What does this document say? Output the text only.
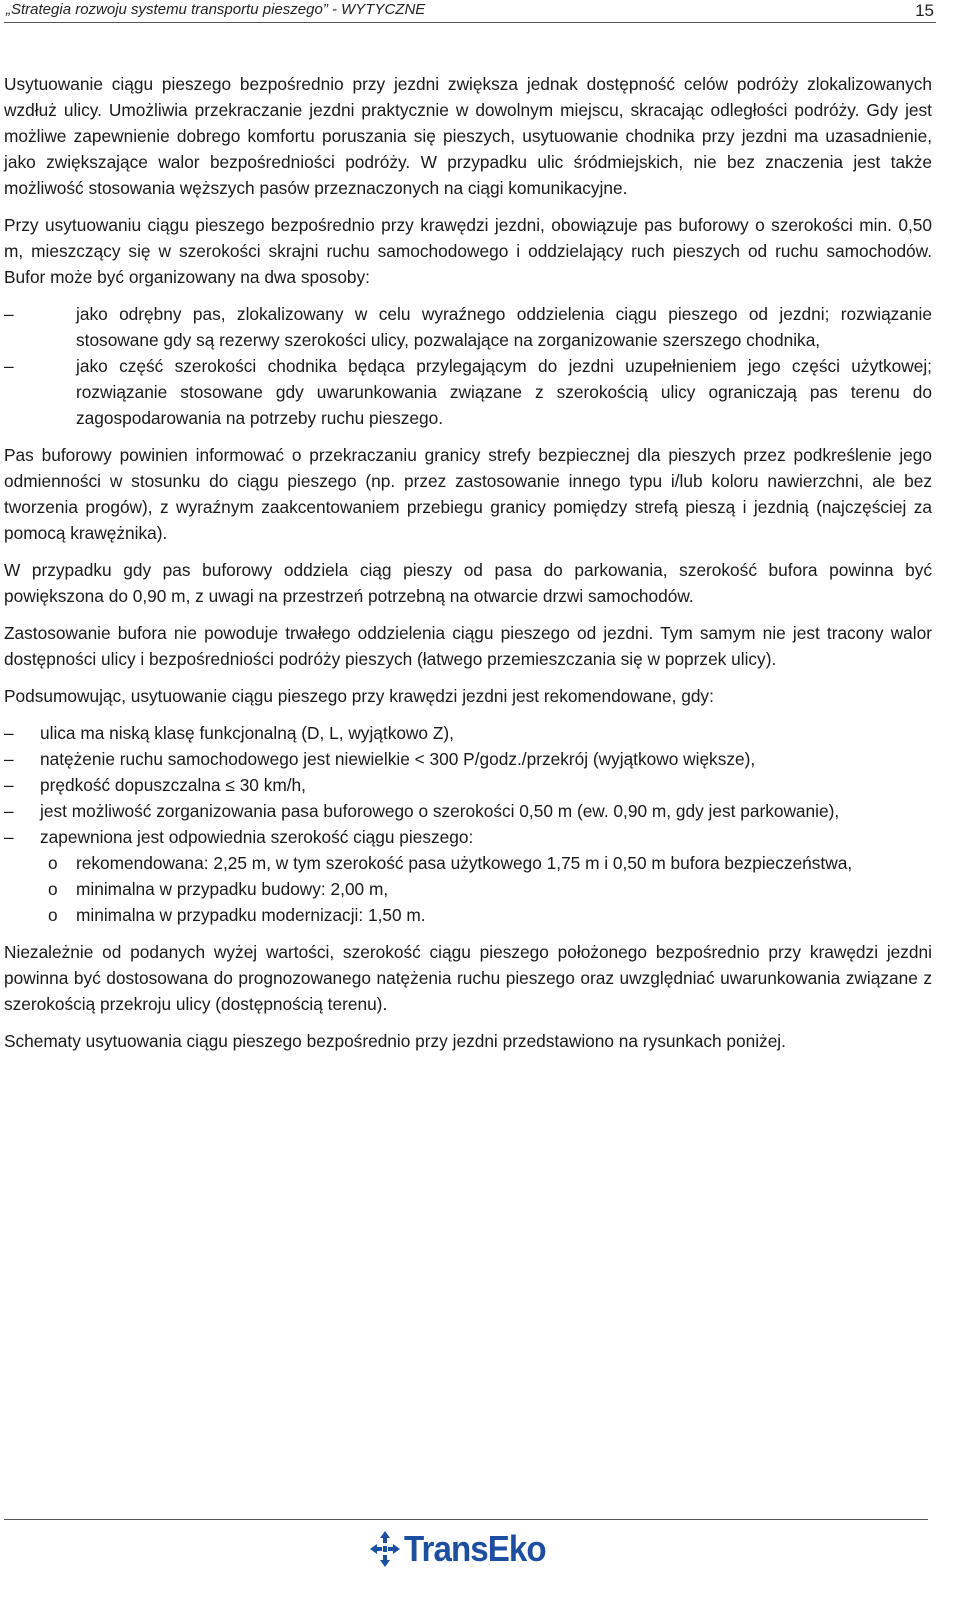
„Strategia rozwoju systemu transportu pieszego” - WYTYCZNE	15

Usytuowanie ciągu pieszego bezpośrednio przy jezdni zwiększa jednak dostępność celów podróży zlokalizowanych wzdłuż ulicy. Umożliwia przekraczanie jezdni praktycznie w dowolnym miejscu, skracając odległości podróży. Gdy jest możliwe zapewnienie dobrego komfortu poruszania się pieszych, usytuowanie chodnika przy jezdni ma uzasadnienie, jako zwiększające walor bezpośredniości podróży. W przypadku ulic śródmiejskich, nie bez znaczenia jest także możliwość stosowania węższych pasów przeznaczonych na ciągi komunikacyjne.

Przy usytuowaniu ciągu pieszego bezpośrednio przy krawędzi jezdni, obowiązuje pas buforowy o szerokości min. 0,50 m, mieszczący się w szerokości skrajni ruchu samochodowego i oddzielający ruch pieszych od ruchu samochodów. Bufor może być organizowany na dwa sposoby:

–	jako odrębny pas, zlokalizowany w celu wyraźnego oddzielenia ciągu pieszego od jezdni; rozwiązanie stosowane gdy są rezerwy szerokości ulicy, pozwalające na zorganizowanie szerszego chodnika,
–	jako część szerokości chodnika będąca przylegającym do jezdni uzupełnieniem jego części użytkowej; rozwiązanie stosowane gdy uwarunkowania związane z szerokością ulicy ograniczają pas terenu do zagospodarowania na potrzeby ruchu pieszego.

Pas buforowy powinien informować o przekraczaniu granicy strefy bezpiecznej dla pieszych przez podkreślenie jego odmienności w stosunku do ciągu pieszego (np. przez zastosowanie innego typu i/lub koloru nawierzchni, ale bez tworzenia progów), z wyraźnym zaakcentowaniem przebiegu granicy pomiędzy strefą pieszą i jezdnią (najczęściej za pomocą krawężnika).

W przypadku gdy pas buforowy oddziela ciąg pieszy od pasa do parkowania, szerokość bufora powinna być powiększona do 0,90 m, z uwagi na przestrzeń potrzebną na otwarcie drzwi samochodów.

Zastosowanie bufora nie powoduje trwałego oddzielenia ciągu pieszego od jezdni. Tym samym nie jest tracony walor dostępności ulicy i bezpośredniości podróży pieszych (łatwego przemieszczania się w poprzek ulicy).

Podsumowując, usytuowanie ciągu pieszego przy krawędzi jezdni jest rekomendowane, gdy:

– ulica ma niską klasę funkcjonalną (D, L, wyjątkowo Z),
– natężenie ruchu samochodowego jest niewielkie < 300 P/godz./przekrój (wyjątkowo większe),
– prędkość dopuszczalna ≤ 30 km/h,
– jest możliwość zorganizowania pasa buforowego o szerokości 0,50 m (ew. 0,90 m, gdy jest parkowanie),
– zapewniona jest odpowiednia szerokość ciągu pieszego:
o rekomendowana: 2,25 m, w tym szerokość pasa użytkowego 1,75 m i 0,50 m bufora bezpieczeństwa,
o minimalna w przypadku budowy: 2,00 m,
o minimalna w przypadku modernizacji: 1,50 m.

Niezależnie od podanych wyżej wartości, szerokość ciągu pieszego położonego bezpośrednio przy krawędzi jezdni powinna być dostosowana do prognozowanego natężenia ruchu pieszego oraz uwzględniać uwarunkowania związane z szerokością przekroju ulicy (dostępnością terenu).

Schematy usytuowania ciągu pieszego bezpośrednio przy jezdni przedstawiono na rysunkach poniżej.

TransEko
